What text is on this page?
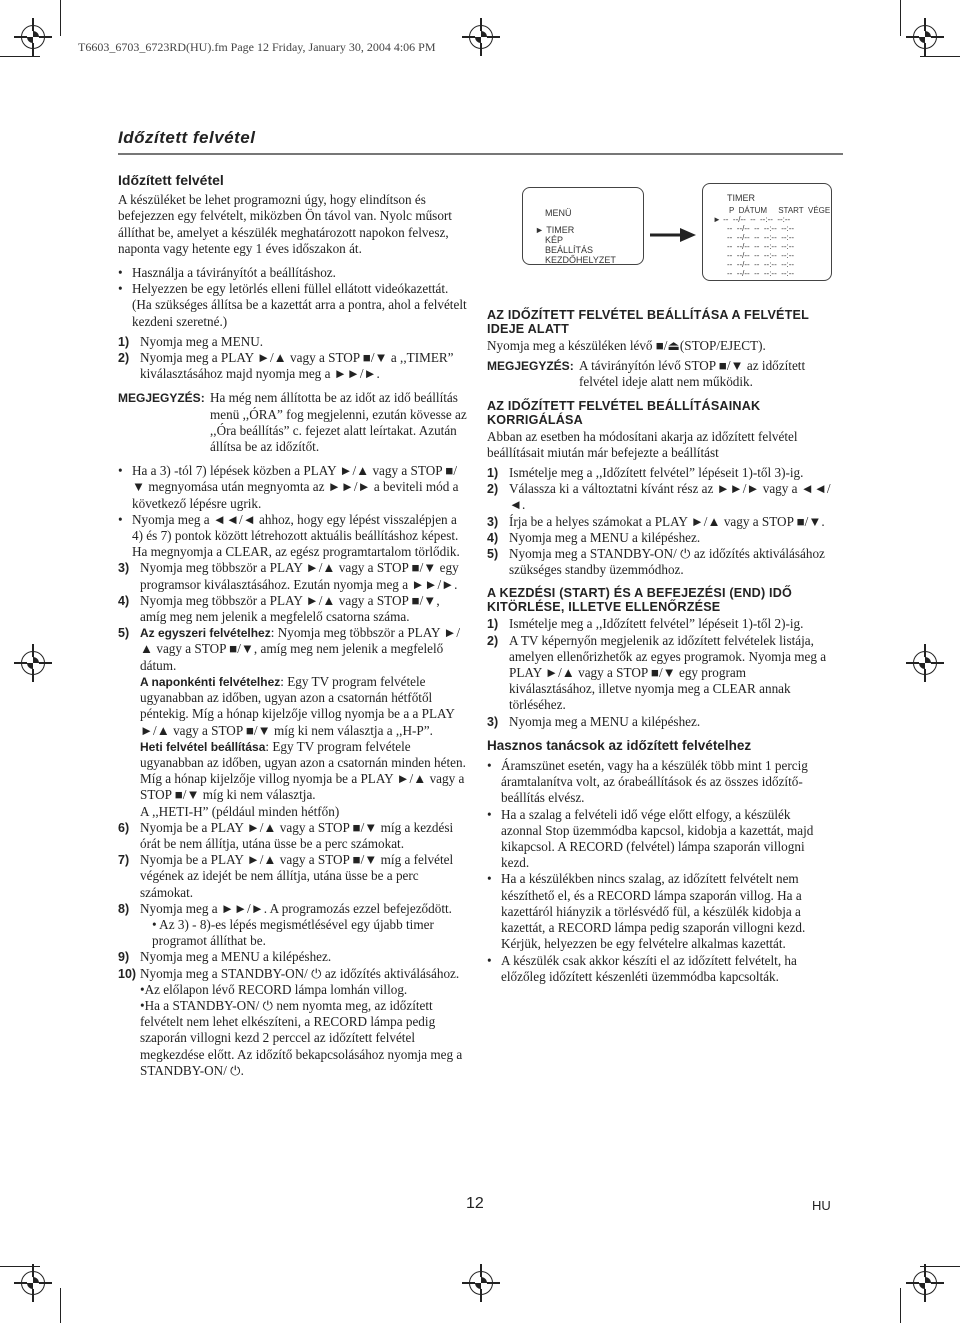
T6603_6703_6723RD(HU).fm Page 12 Friday, January 30, 2004 4:06 PM
Időzített felvétel
Időzített felvétel

A készüléket be lehet programozni úgy, hogy elindítson és befejezzen egy felvételt, miközben Ön távol van. Nyolc műsort állíthat be, amelyet a készülék meghatározott napokon felvesz, naponta vagy hetente egy 1 éves időszakon át.

• Használja a távirányítót a beállításhoz.
• Helyezzen be egy letörlés elleni füllel ellátott videókazettát. (Ha szükséges állítsa be a kazettát arra a pontra, ahol a felvételt kezdeni szeretné.)
1) Nyomja meg a MENU.
2) Nyomja meg a PLAY ►/▲ vagy a STOP ■/▼ a ,,TIMER” kiválasztásához majd nyomja meg a ►►/►.
MEGJEGYZÉS: Ha még nem állította be az időt az idő beállítás menü ,,ÓRA” fog megjelenni, ezután kövesse az ,,Óra beállítás” c. fejezet alatt leírtakat. Azután állítsa be az időzítőt.
• Ha a 3) -tól 7) lépések közben a PLAY ►/▲ vagy a STOP ■/▼ megnyomása után megnyomta az ►►/► a beviteli mód a következő lépésre ugrik.
• Nyomja meg a ◄◄/◄ ahhoz, hogy egy lépést visszalépjen a 4) és 7) pontok között létrehozott aktuális beállításhoz képest. Ha megnyomja a CLEAR, az egész programtartalom törlődik.
3) Nyomja meg többször a PLAY ►/▲ vagy a STOP ■/▼ egy programsor kiválasztásához. Ezután nyomja meg a ►►/►.
4) Nyomja meg többször a PLAY ►/▲ vagy a STOP ■/▼, amíg meg nem jelenik a megfelelő csatorna száma.
5) Az egyszeri felvételhez: Nyomja meg többször a PLAY ►/▲ vagy a STOP ■/▼, amíg meg nem jelenik a megfelelő dátum.
A naponkénti felvételhez: Egy TV program felvétele ugyanabban az időben, ugyan azon a csatornán hétfőtől péntekig. Míg a hónap kijelzője villog nyomja be a a PLAY ►/▲ vagy a STOP ■/▼ míg ki nem választja a ,,H-P”.
Heti felvétel beállítása: Egy TV program felvétele ugyanabban az időben, ugyan azon a csatornán minden héten. Míg a hónap kijelzője villog nyomja be a PLAY ►/▲ vagy a STOP ■/▼ míg ki nem választja.
A ,,HETI-H” (például minden hétfőn)
6) Nyomja be a PLAY ►/▲ vagy a STOP ■/▼ míg a kezdési órát be nem állítja, utána üsse be a perc számokat.
7) Nyomja be a PLAY ►/▲ vagy a STOP ■/▼ míg a felvétel végének az idejét be nem állítja, utána üsse be a perc számokat.
8) Nyomja meg a ►►/►. A programozás ezzel befejeződött.
• Az 3) - 8)-es lépés megismétlésével egy újabb timer programot állíthat be.
9) Nyomja meg a MENU a kilépéshez.
10) Nyomja meg a STANDBY-ON/ ⏻ az időzítés aktiválásához.
•Az előlapon lévő RECORD lámpa lomhán villog.
•Ha a STANDBY-ON/ ⏻ nem nyomta meg, az időzített felvételt nem lehet elkészíteni, a RECORD lámpa pedig szaporán villogni kezd 2 perccel az időzített felvétel megkezdése előtt. Az időzítő bekapcsolásához nyomja meg a STANDBY-ON/ ⏻.
MENÜ
► TIMER
KÉP
BEÁLLÍTÁS
KEZDŐHELYZET
TIMER
P  DÁTUM     START  VÉGE
► --  --/--  --  --:--  --:--
--  --/--  --  --:--  --:--
--  --/--  --  --:--  --:--
--  --/--  --  --:--  --:--
--  --/--  --  --:--  --:--
--  --/--  --  --:--  --:--
--  --/--  --  --:--  --:--
AZ IDŐZÍTETT FELVÉTEL BEÁLLÍTÁSA A FELVÉTEL IDEJE ALATT

Nyomja meg a készüléken lévő ■/⏏(STOP/EJECT).

MEGJEGYZÉS: A távirányítón lévő STOP ■/▼ az időzített felvétel ideje alatt nem működik.
AZ IDŐZÍTETT FELVÉTEL BEÁLLÍTÁSAINAK KORRIGÁLÁSA

Abban az esetben ha módosítani akarja az időzített felvétel beállításait miután már befejezte a beállítást

1) Ismételje meg a ,,Időzített felvétel” lépéseit 1)-től 3)-ig.
2) Válassza ki a változtatni kívánt rész az ►►/► vagy a ◄◄/◄.
3) Írja be a helyes számokat a PLAY ►/▲ vagy a STOP ■/▼.
4) Nyomja meg a MENU a kilépéshez.
5) Nyomja meg a STANDBY-ON/ ⏻ az időzítés aktiválásához szükséges standby üzemmódhoz.
A KEZDÉSI (START) ÉS A BEFEJEZÉSI (END) IDŐ KITÖRLÉSE, ILLETVE ELLENŐRZÉSE
1) Ismételje meg a ,,Időzített felvétel” lépéseit 1)-től 2)-ig.
2) A TV képernyőn megjelenik az időzített felvételek listája, amelyen ellenőrizhetők az egyes programok. Nyomja meg a PLAY ►/▲ vagy a STOP ■/▼ egy program kiválasztásához, illetve nyomja meg a CLEAR annak törléséhez.
3) Nyomja meg a MENU a kilépéshez.
Hasznos tanácsok az időzített felvételhez
• Áramszünet esetén, vagy ha a készülék több mint 1 percig áramtalanítva volt, az órabeállítások és az összes időzítő-beállítás elvész.
• Ha a szalag a felvételi idő vége előtt elfogy, a készülék azonnal Stop üzemmódba kapcsol, kidobja a kazettát, majd kikapcsol. A RECORD (felvétel) lámpa szaporán villogni kezd.
• Ha a készülékben nincs szalag, az időzített felvételt nem készíthető el, és a RECORD lámpa szaporán villog. Ha a kazettáról hiányzik a törlésvédő fül, a készülék kidobja a kazettát, a RECORD lámpa pedig szaporán villogni kezd. Kérjük, helyezzen be egy felvételre alkalmas kazettát.
• A készülék csak akkor készíti el az időzített felvételt, ha előzőleg időzített készenléti üzemmódba kapcsolták.
12	HU
